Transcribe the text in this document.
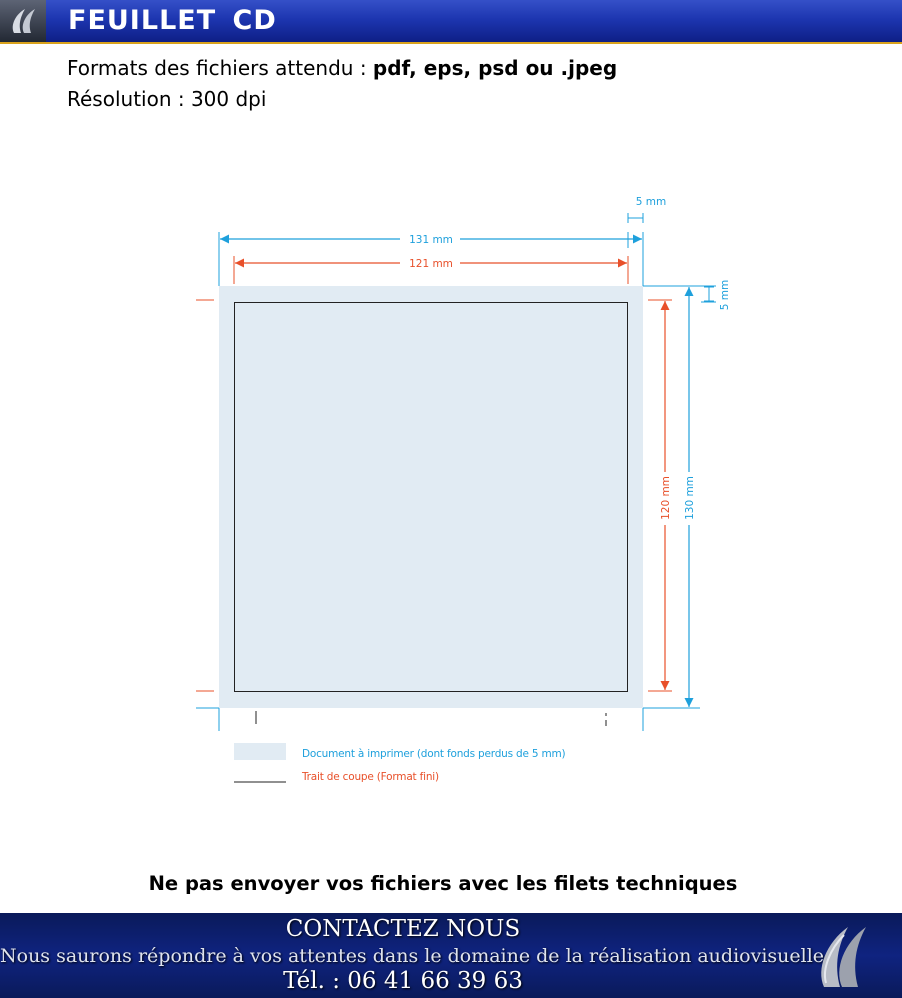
FEUILLET CD
Formats des fichiers attendu : pdf, eps, psd ou .jpeg
Résolution : 300 dpi
131 mm
121 mm
5 mm
5 mm
120 mm 130 mm
Document à imprimer (dont fonds perdus de 5 mm)
Trait de coupe (Format fini)
Ne pas envoyer vos fichiers avec les filets techniques
CONTACTEZ NOUS
Nous saurons répondre à vos attentes dans le domaine de la réalisation audiovisuelle
Tél. : 06 41 66 39 63
